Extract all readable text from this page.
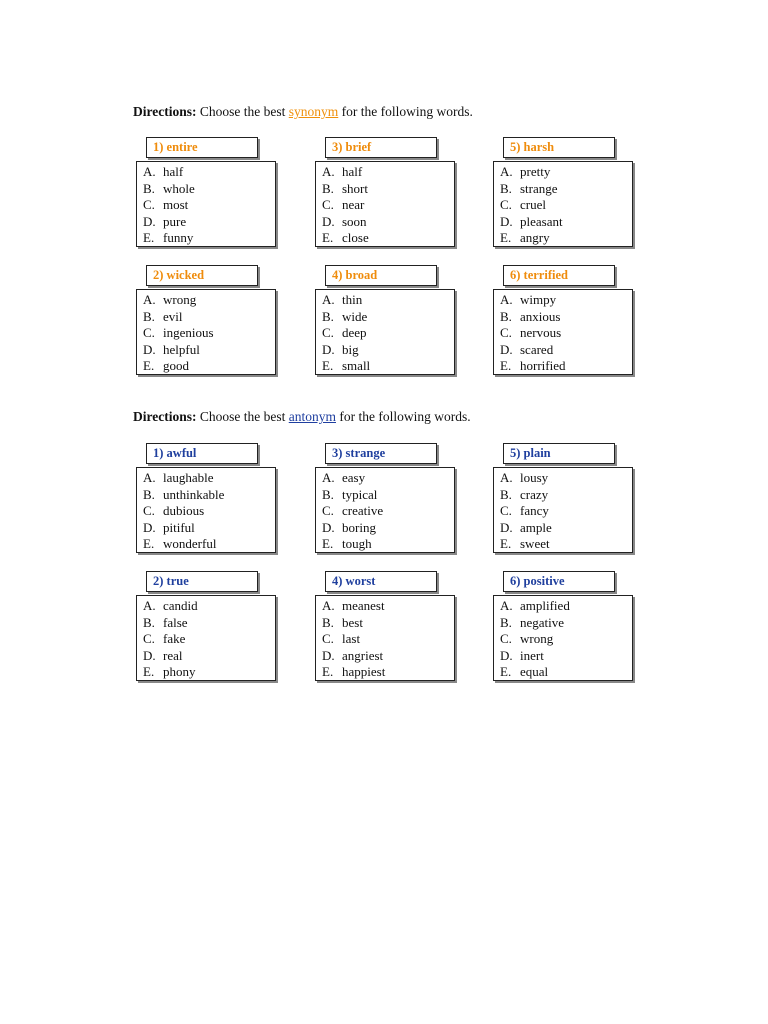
Directions: Choose the best synonym for the following words.
1) entire
A. half
B. whole
C. most
D. pure
E. funny
3) brief
A. half
B. short
C. near
D. soon
E. close
5) harsh
A. pretty
B. strange
C. cruel
D. pleasant
E. angry
2) wicked
A. wrong
B. evil
C. ingenious
D. helpful
E. good
4) broad
A. thin
B. wide
C. deep
D. big
E. small
6) terrified
A. wimpy
B. anxious
C. nervous
D. scared
E. horrified
Directions: Choose the best antonym for the following words.
1) awful
A. laughable
B. unthinkable
C. dubious
D. pitiful
E. wonderful
3) strange
A. easy
B. typical
C. creative
D. boring
E. tough
5) plain
A. lousy
B. crazy
C. fancy
D. ample
E. sweet
2) true
A. candid
B. false
C. fake
D. real
E. phony
4) worst
A. meanest
B. best
C. last
D. angriest
E. happiest
6) positive
A. amplified
B. negative
C. wrong
D. inert
E. equal
